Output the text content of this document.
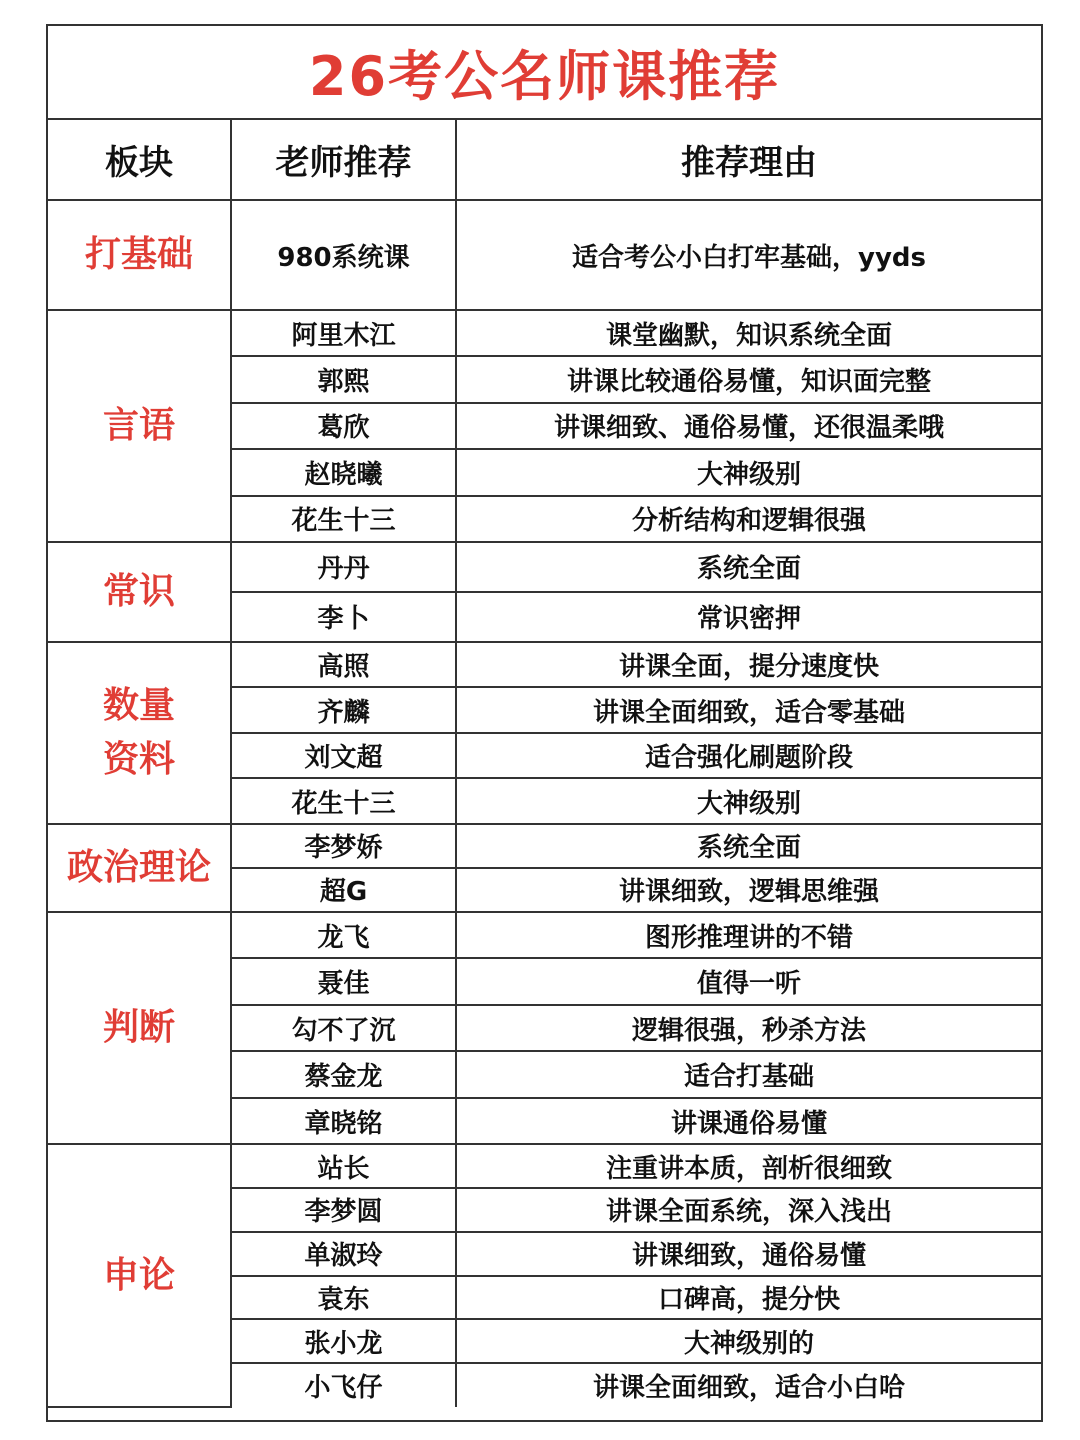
26考公名师课推荐
板块	老师推荐	推荐理由
打基础	980系统课	适合考公小白打牢基础，yyds
言语	阿里木江	课堂幽默，知识系统全面
	郭熙	讲课比较通俗易懂，知识面完整
	葛欣	讲课细致、通俗易懂，还很温柔哦
	赵晓曦	大神级别
	花生十三	分析结构和逻辑很强
常识	丹丹	系统全面
	李卜	常识密押

数量
资料	高照	讲课全面，提分速度快
	齐麟	讲课全面细致，适合零基础
	刘文超	适合强化刷题阶段
	花生十三	大神级别
政治理论	李梦娇	系统全面
	超G	讲课细致，逻辑思维强
判断	龙飞	图形推理讲的不错
	聂佳	值得一听
	勾不了沉	逻辑很强，秒杀方法
	蔡金龙	适合打基础
	章晓铭	讲课通俗易懂
申论	站长	注重讲本质，剖析很细致
	李梦圆	讲课全面系统，深入浅出
	单淑玲	讲课细致，通俗易懂
	袁东	口碑高，提分快
	张小龙	大神级别的
	小飞仔	讲课全面细致，适合小白哈
